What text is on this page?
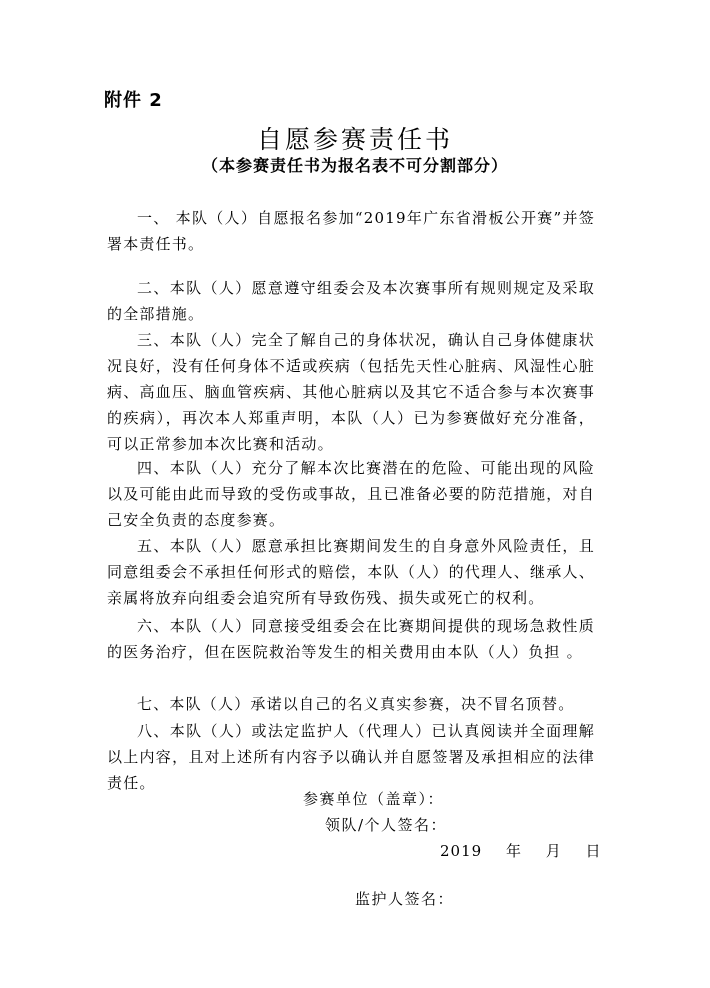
附件 2
自愿参赛责任书
（本参赛责任书为报名表不可分割部分）

一、 本队（人）自愿报名参加“2019年广东省滑板公开赛”并签署本责任书。

二、本队（人）愿意遵守组委会及本次赛事所有规则规定及采取的全部措施。

三、本队（人）完全了解自己的身体状况，确认自己身体健康状况良好，没有任何身体不适或疾病（包括先天性心脏病、风湿性心脏病、高血压、脑血管疾病、其他心脏病以及其它不适合参与本次赛事的疾病），再次本人郑重声明，本队（人）已为参赛做好充分准备，可以正常参加本次比赛和活动。

四、本队（人）充分了解本次比赛潜在的危险、可能出现的风险以及可能由此而导致的受伤或事故，且已准备必要的防范措施，对自己安全负责的态度参赛。

五、本队（人）愿意承担比赛期间发生的自身意外风险责任，且同意组委会不承担任何形式的赔偿，本队（人）的代理人、继承人、亲属将放弃向组委会追究所有导致伤残、损失或死亡的权利。

六、本队（人）同意接受组委会在比赛期间提供的现场急救性质的医务治疗，但在医院救治等发生的相关费用由本队（人）负担 。

七、本队（人）承诺以自己的名义真实参赛，决不冒名顶替。

八、本队（人）或法定监护人（代理人）已认真阅读并全面理解以上内容，且对上述所有内容予以确认并自愿签署及承担相应的法律责任。

参赛单位（盖章）：
领队/个人签名：
2019 年 月 日
监护人签名：
